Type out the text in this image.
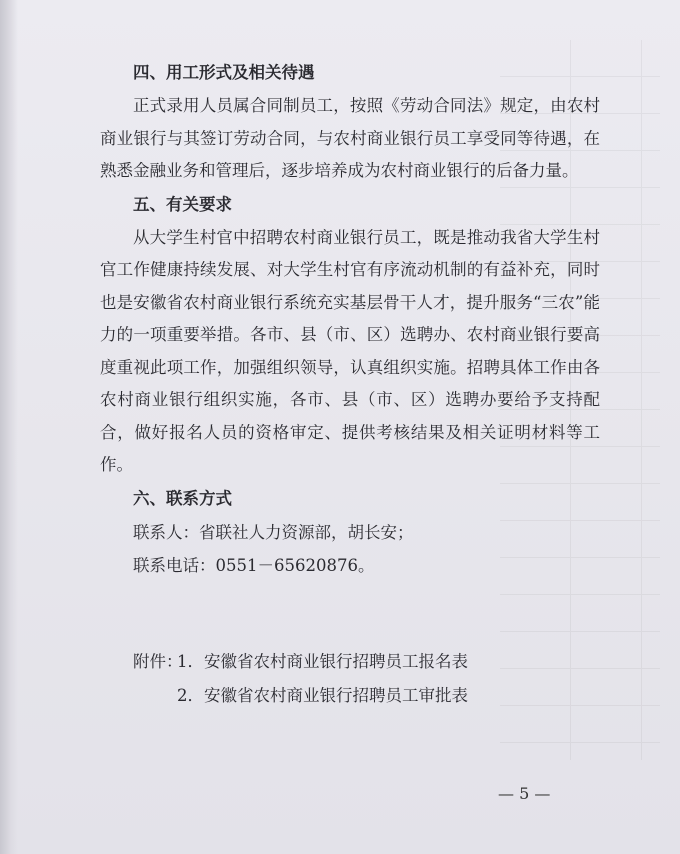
四、用工形式及相关待遇

正式录用人员属合同制员工，按照《劳动合同法》规定，由农村商业银行与其签订劳动合同，与农村商业银行员工享受同等待遇，在熟悉金融业务和管理后，逐步培养成为农村商业银行的后备力量。

五、有关要求

从大学生村官中招聘农村商业银行员工，既是推动我省大学生村官工作健康持续发展、对大学生村官有序流动机制的有益补充，同时也是安徽省农村商业银行系统充实基层骨干人才，提升服务“三农”能力的一项重要举措。各市、县（市、区）选聘办、农村商业银行要高度重视此项工作，加强组织领导，认真组织实施。招聘具体工作由各农村商业银行组织实施，各市、县（市、区）选聘办要给予支持配合，做好报名人员的资格审定、提供考核结果及相关证明材料等工作。

六、联系方式

联系人：省联社人力资源部，胡长安；

联系电话：0551－65620876。

附件：1．安徽省农村商业银行招聘员工报名表
2．安徽省农村商业银行招聘员工审批表
— 5 —
